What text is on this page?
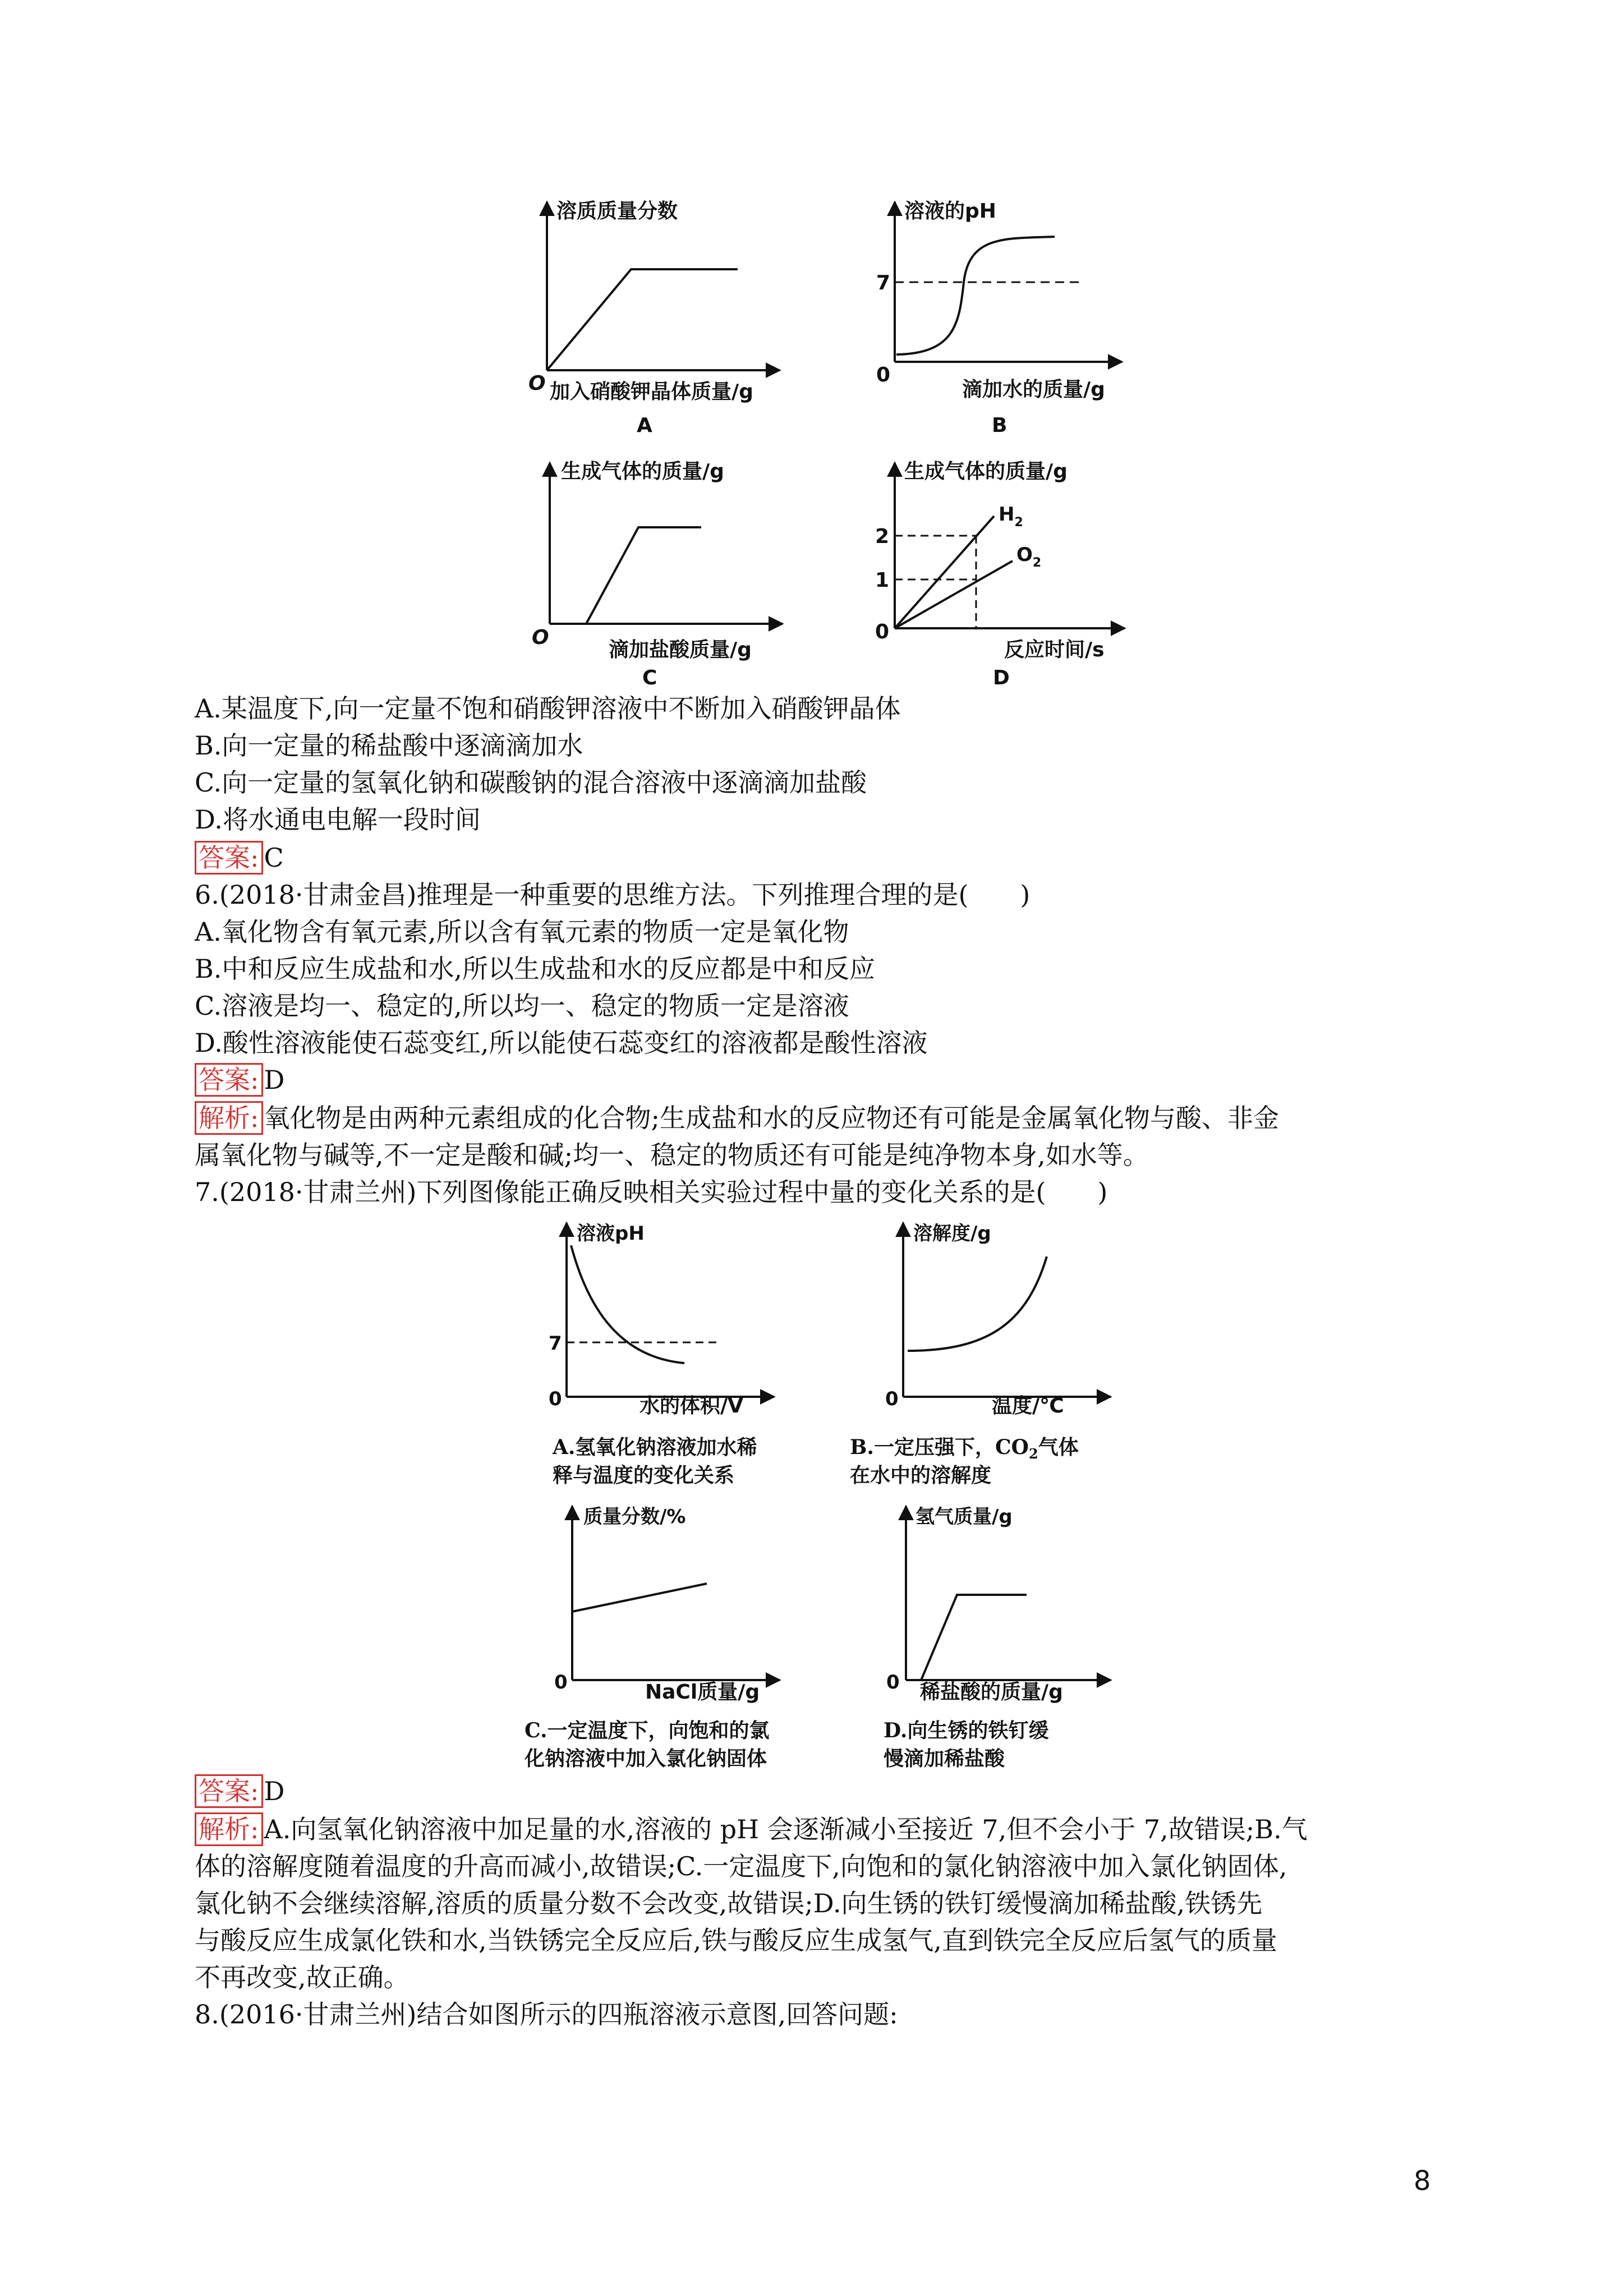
溶质质量分数
O 加入硝酸钾晶体质量/g
A
溶液的pH
7
0
滴加水的质量/g
B
生成气体的质量/g
O
滴加盐酸质量/g
C
生成气体的质量/g
2
1
0
$H_2$
$O_2$
反应时间/s
D
A.某温度下,向一定量不饱和硝酸钾溶液中不断加入硝酸钾晶体
B.向一定量的稀盐酸中逐滴滴加水
C.向一定量的氢氧化钠和碳酸钠的混合溶液中逐滴滴加盐酸
D.将水通电电解一段时间
答案: C
6.(2018·甘肃金昌)推理是一种重要的思维方法。下列推理合理的是(　　)
A.氧化物含有氧元素,所以含有氧元素的物质一定是氧化物
B.中和反应生成盐和水,所以生成盐和水的反应都是中和反应
C.溶液是均一、稳定的,所以均一、稳定的物质一定是溶液
D.酸性溶液能使石蕊变红,所以能使石蕊变红的溶液都是酸性溶液
答案: D
解析: 氧化物是由两种元素组成的化合物;生成盐和水的反应物还有可能是金属氧化物与酸、非金
属氧化物与碱等,不一定是酸和碱;均一、稳定的物质还有可能是纯净物本身,如水等。
7.(2018·甘肃兰州)下列图像能正确反映相关实验过程中量的变化关系的是(　　)
溶液pH
7
0	水的体积/V
A.氢氧化钠溶液加水稀
释与温度的变化关系
溶解度/g
0	温度/℃
B.一定压强下，$CO_2$气体
在水中的溶解度
质量分数/%
0	NaCl质量/g
C.一定温度下，向饱和的氯
化钠溶液中加入氯化钠固体
氢气质量/g
0 稀盐酸的质量/g
D.向生锈的铁钉缓
慢滴加稀盐酸
答案: D
解析: A.向氢氧化钠溶液中加足量的水,溶液的 pH 会逐渐减小至接近 7,但不会小于 7,故错误;B.气
体的溶解度随着温度的升高而减小,故错误;C.一定温度下,向饱和的氯化钠溶液中加入氯化钠固体,
氯化钠不会继续溶解,溶质的质量分数不会改变,故错误;D.向生锈的铁钉缓慢滴加稀盐酸,铁锈先
与酸反应生成氯化铁和水,当铁锈完全反应后,铁与酸反应生成氢气,直到铁完全反应后氢气的质量
不再改变,故正确。
8.(2016·甘肃兰州)结合如图所示的四瓶溶液示意图,回答问题:
8
